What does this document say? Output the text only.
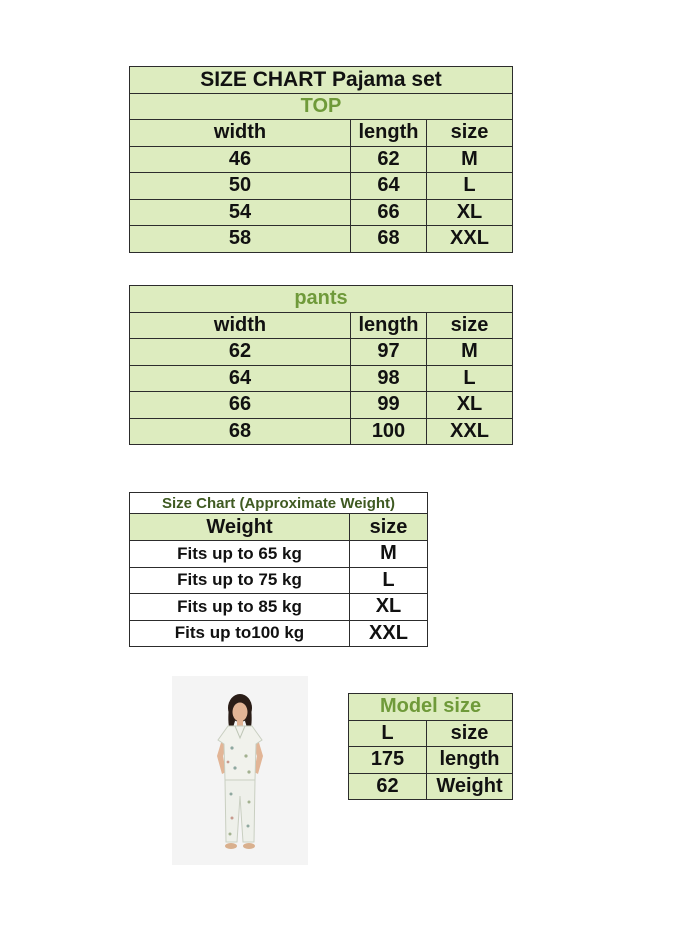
SIZE CHART Pajama set		
TOP		
width	length	size
46	62	M
50	64	L
54	66	XL
58	68	XXL
pants		
width	length	size
62	97	M
64	98	L
66	99	XL
68	100	XXL
Size Chart (Approximate Weight)	
Weight	size
Fits up to 65 kg	M
Fits up to 75 kg	L
Fits up to 85 kg	XL
Fits up to100 kg	XXL
Model size	
L	size
175	length
62	Weight
